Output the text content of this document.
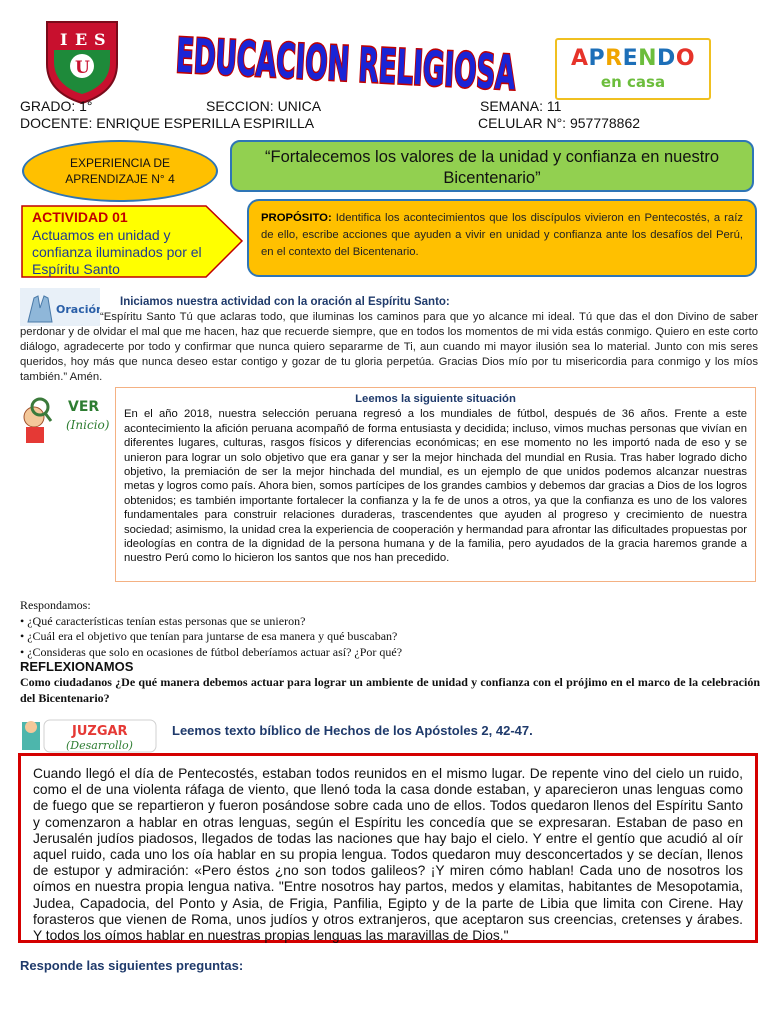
I E S
U EDUCACION RELIGIOSA
APRENDO
en casa
GRADO: 1°	SECCION: UNICA	SEMANA: 11
DOCENTE: ENRIQUE ESPERILLA ESPIRILLA	CELULAR N°: 957778862
EXPERIENCIA DE
APRENDIZAJE N° 4
“Fortalecemos los valores de la unidad y confianza en nuestro Bicentenario”
ACTIVIDAD 01
Actuamos en unidad y confianza iluminados por el Espíritu Santo
PROPÓSITO: Identifica los acontecimientos que los discípulos vivieron en Pentecostés, a raíz de ello, escribe acciones que ayuden a vivir en unidad y confianza ante los desafíos del Perú, en el contexto del Bicentenario.
Oración
Iniciamos nuestra actividad con la oración al Espíritu Santo:
“Espíritu Santo Tú que aclaras todo, que iluminas los caminos para que yo alcance mi ideal. Tú que das el don Divino de saber perdonar y de olvidar el mal que me hacen, haz que recuerde siempre, que en todos los momentos de mi vida estás conmigo. Quiero en este corto diálogo, agradecerte por todo y confirmar que nunca quiero separarme de Ti, aun cuando mi mayor ilusión sea lo material. Junto con mis seres queridos, hoy más que nunca deseo estar contigo y gozar de tu gloria perpetúa. Gracias Dios mío por tu misericordia para conmigo y los míos también.” Amén.
VER
(Inicio)
Leemos la siguiente situación
En el año 2018, nuestra selección peruana regresó a los mundiales de fútbol, después de 36 años. Frente a este acontecimiento la afición peruana acompañó de forma entusiasta y decidida; incluso, vimos muchas personas que vivían en diferentes lugares, culturas, rasgos físicos y diferencias económicas; en ese momento no les importó nada de eso y se unieron para lograr un solo objetivo que era ganar y ser la mejor hinchada del mundial en Rusia. Tras haber logrado dicho objetivo, la premiación de ser la mejor hinchada del mundial, es un ejemplo de que unidos podemos alcanzar nuestras metas y logros como país. Ahora bien, somos partícipes de los grandes cambios y debemos dar gracias a Dios de los logros obtenidos; es también importante fortalecer la confianza y la fe de unos a otros, ya que la confianza es uno de los valores fundamentales para construir relaciones duraderas, trascendentes que ayuden al progreso y crecimiento de nuestra sociedad; asimismo, la unidad crea la experiencia de cooperación y hermandad para afrontar las dificultades propuestas por ideologías en contra de la dignidad de la persona humana y de la familia, pero ayudados de la gracia haremos grande a nuestro Perú como lo hicieron los santos que nos han precedido.
Respondamos:
• ¿Qué características tenían estas personas que se unieron?
• ¿Cuál era el objetivo que tenían para juntarse de esa manera y qué buscaban?
• ¿Consideras que solo en ocasiones de fútbol deberíamos actuar así? ¿Por qué?
REFLEXIONAMOS
Como ciudadanos ¿De qué manera debemos actuar para lograr un ambiente de unidad y confianza con el prójimo en el marco de la celebración del Bicentenario?
JUZGAR
(Desarrollo)
Leemos texto bíblico de Hechos de los Apóstoles 2, 42-47.
Cuando llegó el día de Pentecostés, estaban todos reunidos en el mismo lugar. De repente vino del cielo un ruido, como el de una violenta ráfaga de viento, que llenó toda la casa donde estaban, y aparecieron unas lenguas como de fuego que se repartieron y fueron posándose sobre cada uno de ellos. Todos quedaron llenos del Espíritu Santo y comenzaron a hablar en otras lenguas, según el Espíritu les concedía que se expresaran. Estaban de paso en Jerusalén judíos piadosos, llegados de todas las naciones que hay bajo el cielo. Y entre el gentío que acudió al oír aquel ruido, cada uno los oía hablar en su propia lengua. Todos quedaron muy desconcertados y se decían, llenos de estupor y admiración: «Pero éstos ¿no son todos galileos? ¡Y miren cómo hablan! Cada uno de nosotros los oímos en nuestra propia lengua nativa. "Entre nosotros hay partos, medos y elamitas, habitantes de Mesopotamia, Judea, Capadocia, del Ponto y Asia, de Frigia, Panfilia, Egipto y de la parte de Libia que limita con Cirene. Hay forasteros que vienen de Roma, unos judíos y otros extranjeros, que aceptaron sus creencias, cretenses y árabes. Y todos los oímos hablar en nuestras propias lenguas las maravillas de Dios."
Responde las siguientes preguntas:
